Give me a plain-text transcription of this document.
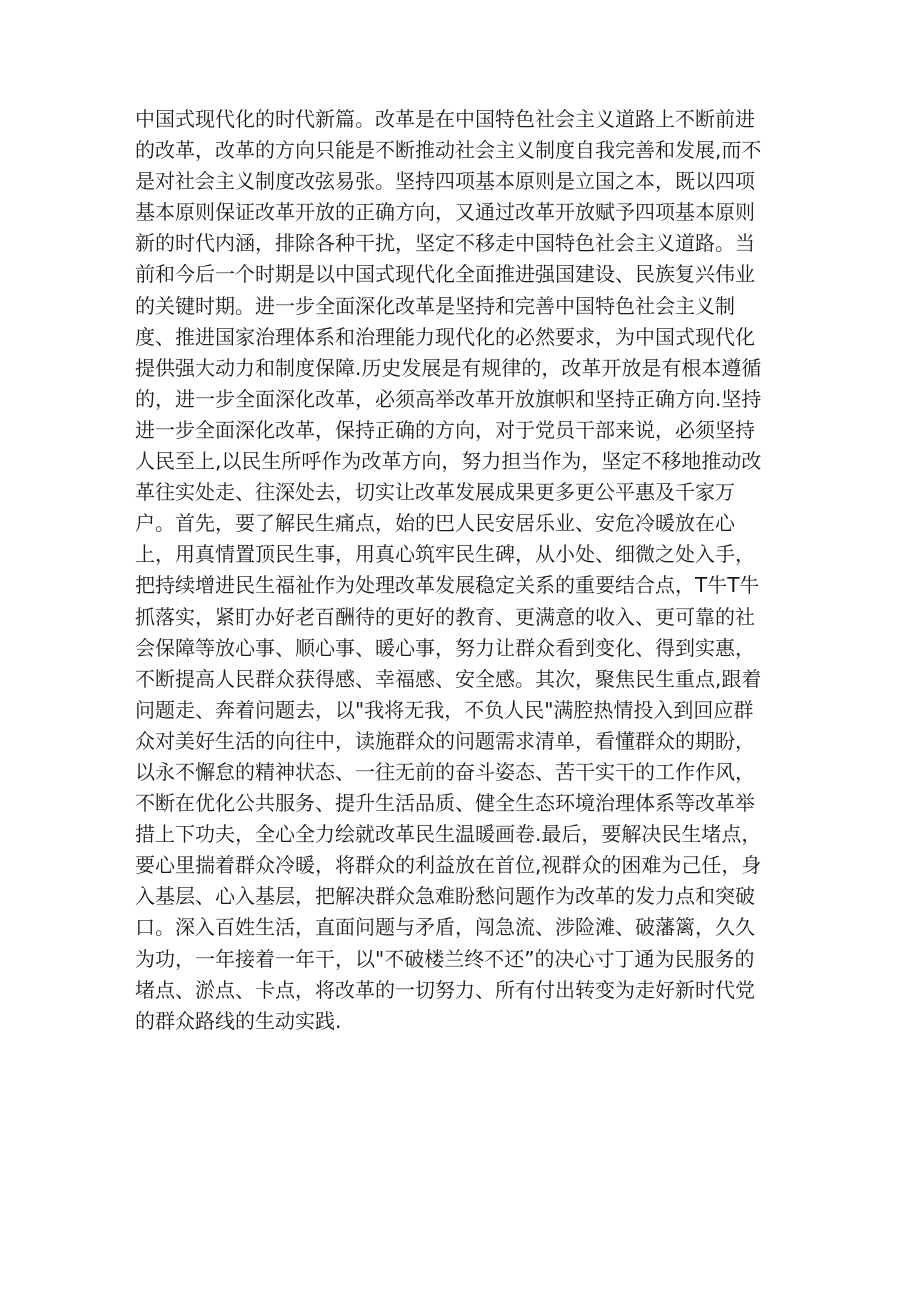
中国式现代化的时代新篇。改革是在中国特色社会主义道路上不断前进
的改革，改革的方向只能是不断推动社会主义制度自我完善和发展,而不
是对社会主义制度改弦易张。坚持四项基本原则是立国之本，既以四项
基本原则保证改革开放的正确方向，又通过改革开放赋予四项基本原则
新的时代内涵，排除各种干扰，坚定不移走中国特色社会主义道路。当
前和今后一个时期是以中国式现代化全面推进强国建设、民族复兴伟业
的关键时期。进一步全面深化改革是坚持和完善中国特色社会主义制
度、推进国家治理体系和治理能力现代化的必然要求，为中国式现代化
提供强大动力和制度保障.历史发展是有规律的，改革开放是有根本遵循
的，进一步全面深化改革，必须高举改革开放旗帜和坚持正确方向.坚持
进一步全面深化改革，保持正确的方向，对于党员干部来说，必须坚持
人民至上,以民生所呼作为改革方向，努力担当作为，坚定不移地推动改
革往实处走、往深处去，切实让改革发展成果更多更公平惠及千家万
户。首先，要了解民生痛点，始的巴人民安居乐业、安危冷暖放在心
上，用真情置顶民生事，用真心筑牢民生碑，从小处、细微之处入手，
把持续增进民生福祉作为处理改革发展稳定关系的重要结合点，T牛T牛
抓落实，紧盯办好老百酬待的更好的教育、更满意的收入、更可靠的社
会保障等放心事、顺心事、暖心事，努力让群众看到变化、得到实惠，
不断提高人民群众获得感、幸福感、安全感。其次，聚焦民生重点,跟着
问题走、奔着问题去，以"我将无我，不负人民"满腔热情投入到回应群
众对美好生活的向往中，读施群众的问题需求清单，看懂群众的期盼，
以永不懈怠的精神状态、一往无前的奋斗姿态、苦干实干的工作作风，
不断在优化公共服务、提升生活品质、健全生态环境治理体系等改革举
措上下功夫，全心全力绘就改革民生温暖画卷.最后，要解决民生堵点，
要心里揣着群众冷暖，将群众的利益放在首位,视群众的困难为己任，身
入基层、心入基层，把解决群众急难盼愁问题作为改革的发力点和突破
口。深入百姓生活，直面问题与矛盾，闯急流、涉险滩、破藩篱，久久
为功，一年接着一年干，以"不破楼兰终不还”的决心寸丁通为民服务的
堵点、淤点、卡点，将改革的一切努力、所有付出转变为走好新时代党
的群众路线的生动实践.
